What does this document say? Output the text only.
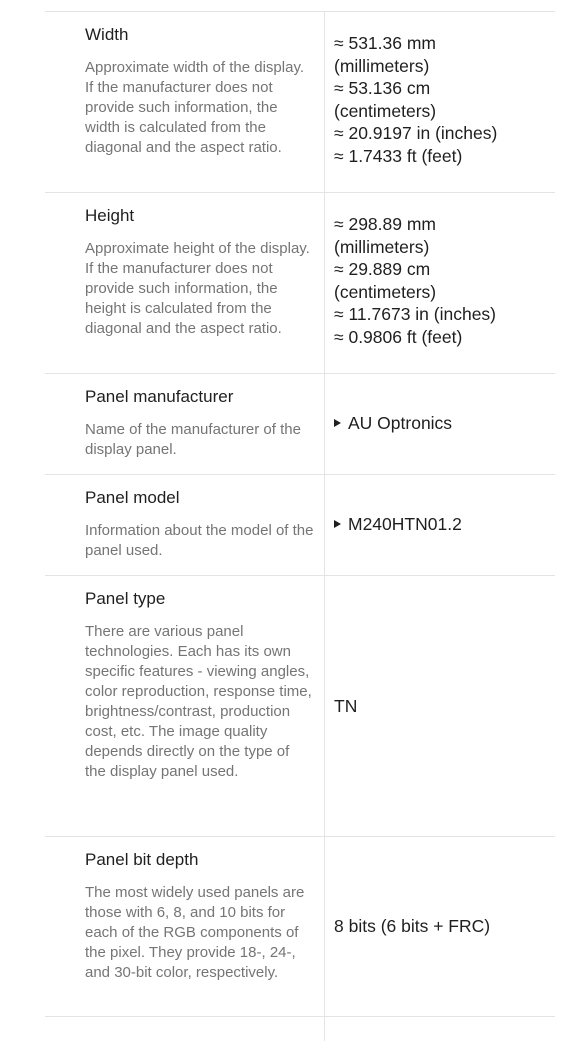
Width

Approximate width of the display. If the manufacturer does not provide such information, the width is calculated from the diagonal and the aspect ratio.

≈ 531.36 mm
(millimeters)
≈ 53.136 cm
(centimeters)
≈ 20.9197 in (inches)
≈ 1.7433 ft (feet)
Height

Approximate height of the display. If the manufacturer does not provide such information, the height is calculated from the diagonal and the aspect ratio.

≈ 298.89 mm
(millimeters)
≈ 29.889 cm
(centimeters)
≈ 11.7673 in (inches)
≈ 0.9806 ft (feet)
Panel manufacturer

Name of the manufacturer of the display panel.

AU Optronics
Panel model

Information about the model of the panel used.

M240HTN01.2
Panel type

There are various panel technologies. Each has its own specific features - viewing angles, color reproduction, response time, brightness/contrast, production cost, etc. The image quality depends directly on the type of the display panel used.

TN
Panel bit depth

The most widely used panels are those with 6, 8, and 10 bits for each of the RGB components of the pixel. They provide 18-, 24-, and 30-bit color, respectively.

8 bits (6 bits + FRC)
